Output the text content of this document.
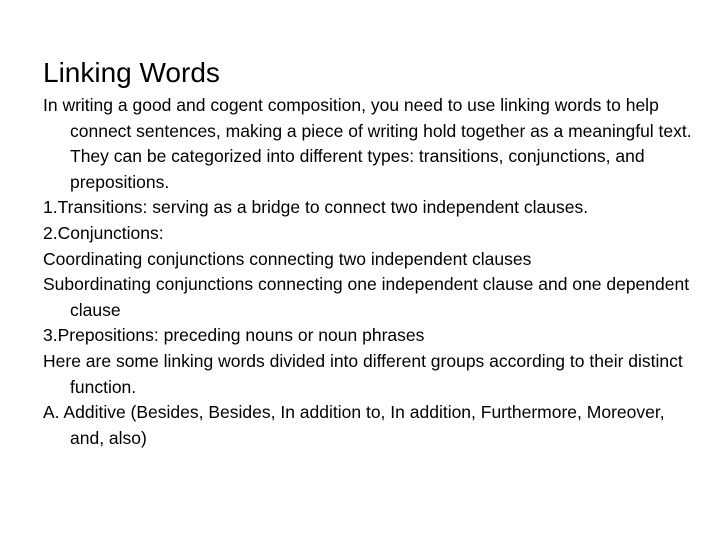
Linking Words

In writing a good and cogent composition, you need to use linking words to help connect sentences, making a piece of writing hold together as a meaningful text. They can be categorized into different types: transitions, conjunctions, and prepositions.

1.Transitions: serving as a bridge to connect two independent clauses.

2.Conjunctions:

Coordinating conjunctions connecting two independent clauses

Subordinating conjunctions connecting one independent clause and one dependent clause

3.Prepositions: preceding nouns or noun phrases

Here are some linking words divided into different groups according to their distinct function.

A. Additive (Besides, Besides, In addition to, In addition, Furthermore, Moreover, and, also)
